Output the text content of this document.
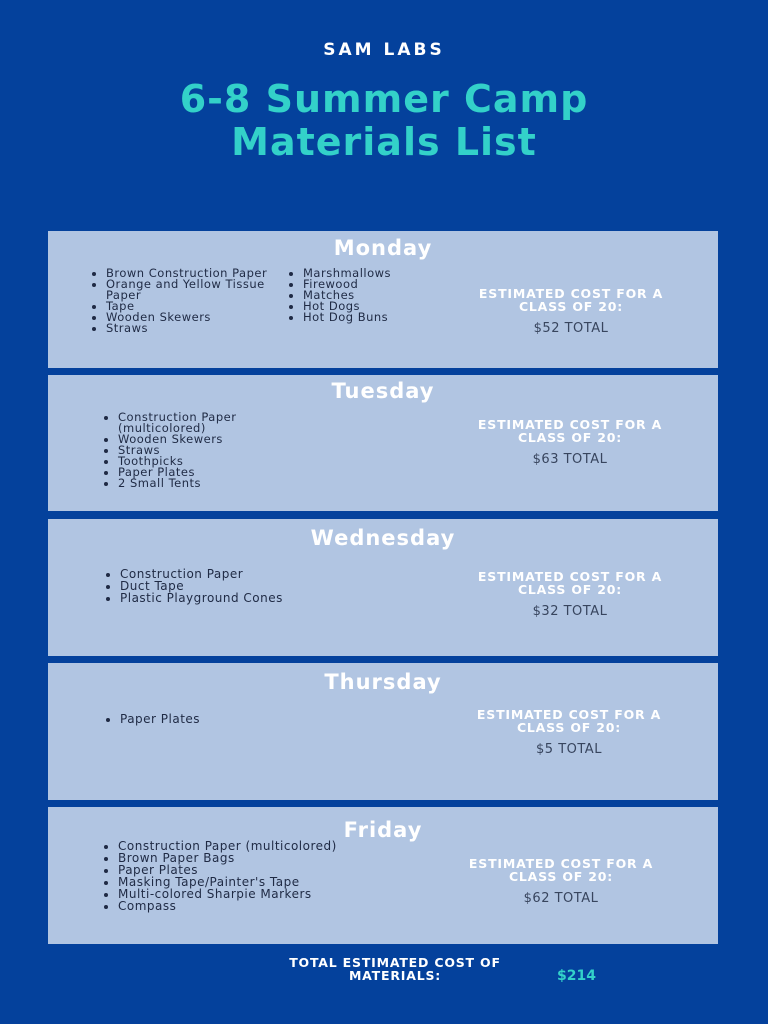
SAM LABS
6-8 Summer Camp Materials List
Monday
• Brown Construction Paper
• Orange and Yellow Tissue Paper
• Tape
• Wooden Skewers
• Straws
• Marshmallows
• Firewood
• Matches
• Hot Dogs
• Hot Dog Buns
ESTIMATED COST FOR A CLASS OF 20:
$52 TOTAL
Tuesday
• Construction Paper (multicolored)
• Wooden Skewers
• Straws
• Toothpicks
• Paper Plates
• 2 Small Tents
ESTIMATED COST FOR A CLASS OF 20:
$63 TOTAL
Wednesday
• Construction Paper
• Duct Tape
• Plastic Playground Cones
ESTIMATED COST FOR A CLASS OF 20:
$32 TOTAL
Thursday
• Paper Plates	ESTIMATED COST FOR A CLASS OF 20:
$5 TOTAL
Friday
• Construction Paper (multicolored)
• Brown Paper Bags
• Paper Plates
• Masking Tape/Painter's Tape
• Multi-colored Sharpie Markers
• Compass
ESTIMATED COST FOR A CLASS OF 20:
$62 TOTAL
TOTAL ESTIMATED COST OF MATERIALS:	$214
